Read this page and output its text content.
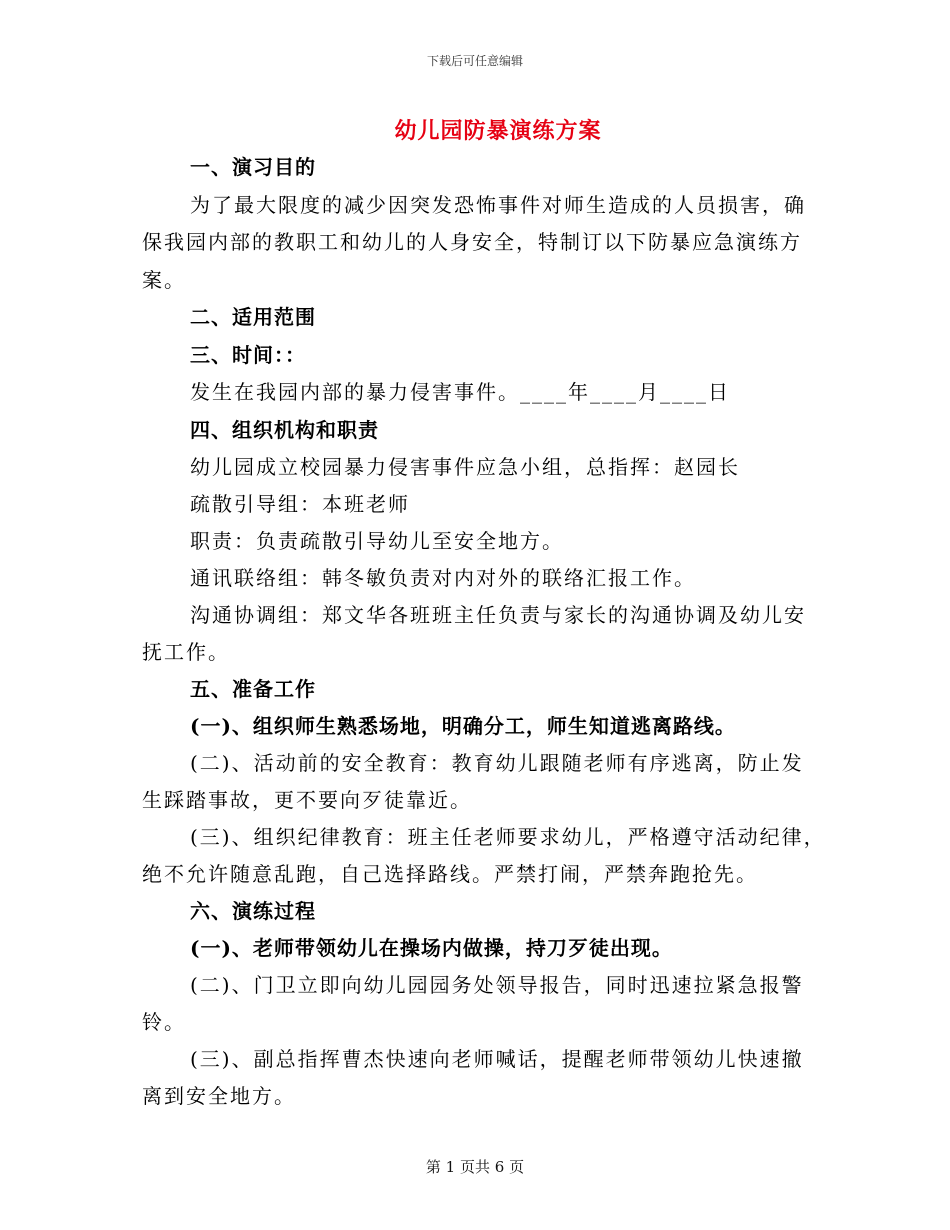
下载后可任意编辑
幼儿园防暴演练方案
一、演习目的
为了最大限度的减少因突发恐怖事件对师生造成的人员损害，确
保我园内部的教职工和幼儿的人身安全，特制订以下防暴应急演练方
案。
二、适用范围
三、时间：：
发生在我园内部的暴力侵害事件。____年____月____日
四、组织机构和职责
幼儿园成立校园暴力侵害事件应急小组，总指挥：赵园长
疏散引导组：本班老师
职责：负责疏散引导幼儿至安全地方。
通讯联络组：韩冬敏负责对内对外的联络汇报工作。
沟通协调组：郑文华各班班主任负责与家长的沟通协调及幼儿安
抚工作。
五、准备工作
(一)、组织师生熟悉场地，明确分工，师生知道逃离路线。
(二)、活动前的安全教育：教育幼儿跟随老师有序逃离，防止发
生踩踏事故，更不要向歹徒靠近。
(三)、组织纪律教育：班主任老师要求幼儿，严格遵守活动纪律，
绝不允许随意乱跑，自己选择路线。严禁打闹，严禁奔跑抢先。
六、演练过程
(一)、老师带领幼儿在操场内做操，持刀歹徒出现。
(二)、门卫立即向幼儿园园务处领导报告，同时迅速拉紧急报警
铃。
(三)、副总指挥曹杰快速向老师喊话，提醒老师带领幼儿快速撤
离到安全地方。
第 1 页共 6 页
